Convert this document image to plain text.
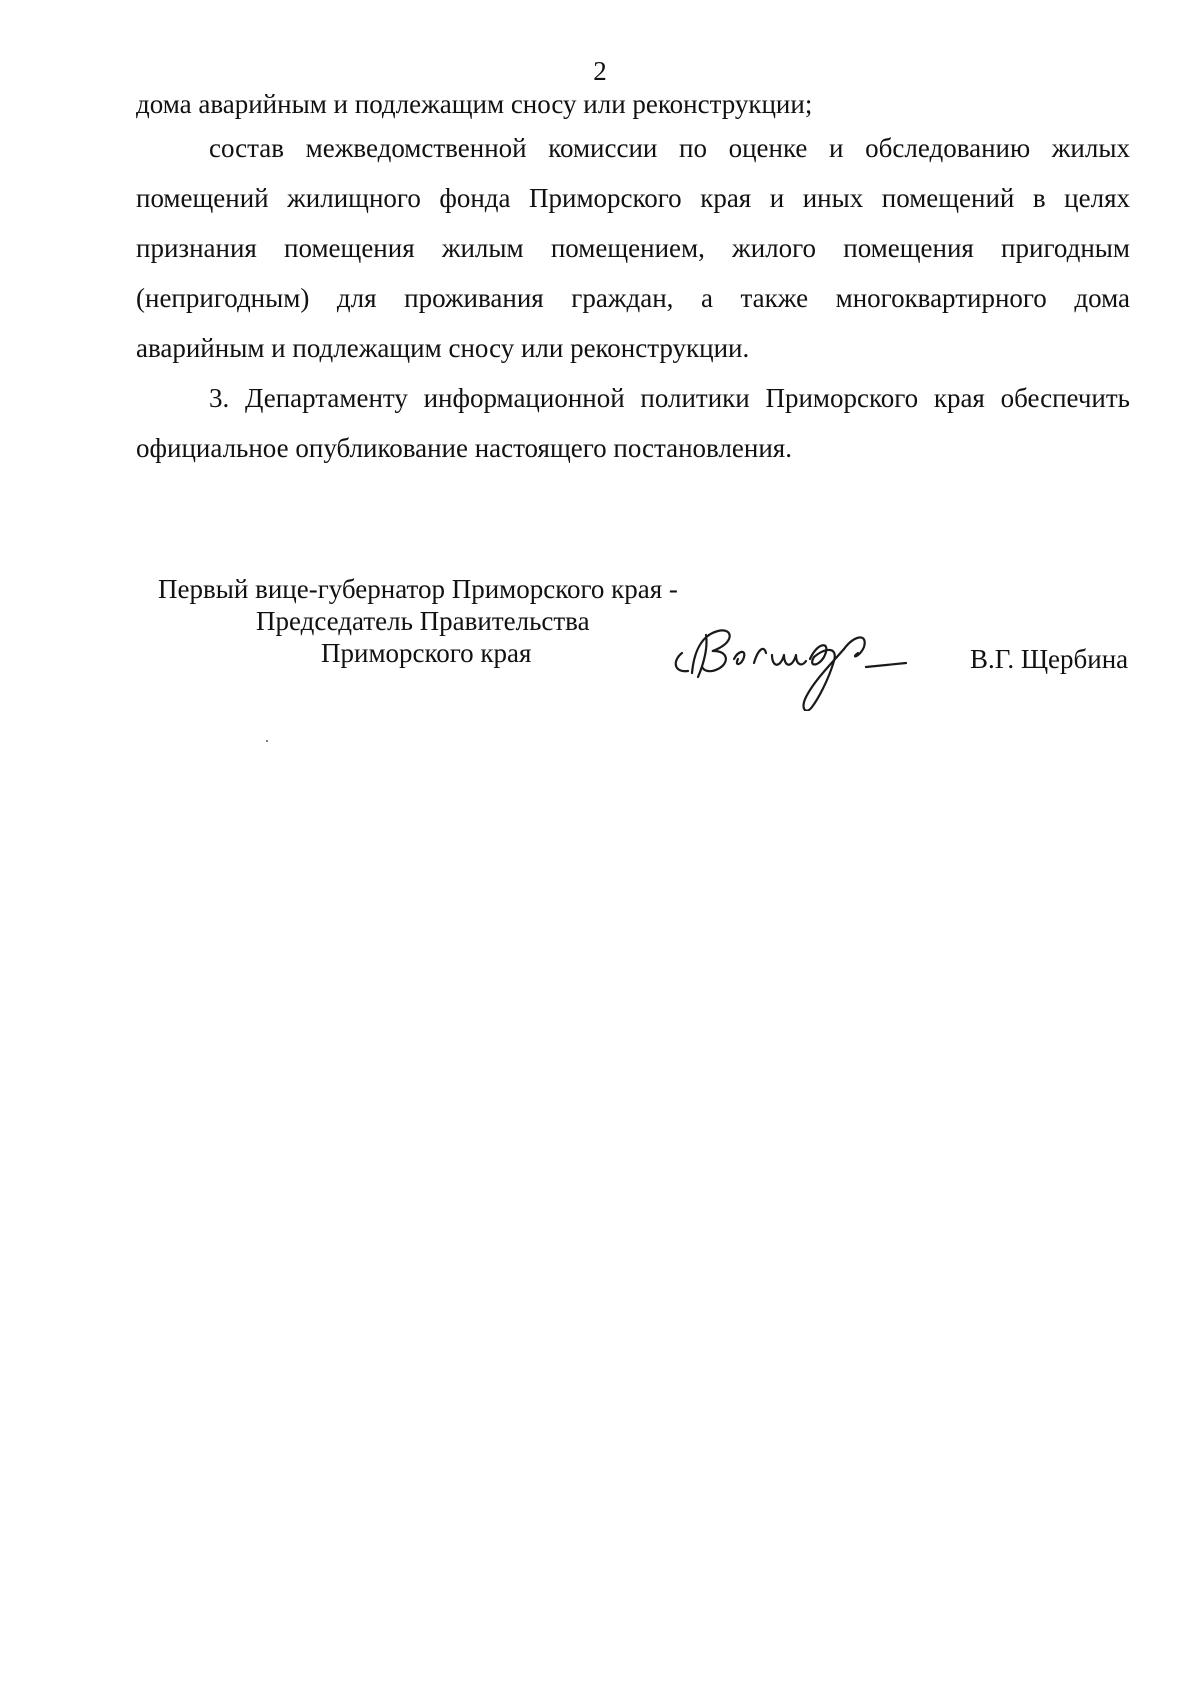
2
дома аварийным и подлежащим сносу или реконструкции;
состав межведомственной комиссии по оценке и обследованию жилых
помещений жилищного фонда Приморского края и иных помещений в целях
признания помещения жилым помещением, жилого помещения пригодным
(непригодным) для проживания граждан, а также многоквартирного дома
аварийным и подлежащим сносу или реконструкции.
3. Департаменту информационной политики Приморского края обеспечить
официальное опубликование настоящего постановления.
Первый вице-губернатор Приморского края -
Председатель Правительства
Приморского края	В.Г. Щербина
